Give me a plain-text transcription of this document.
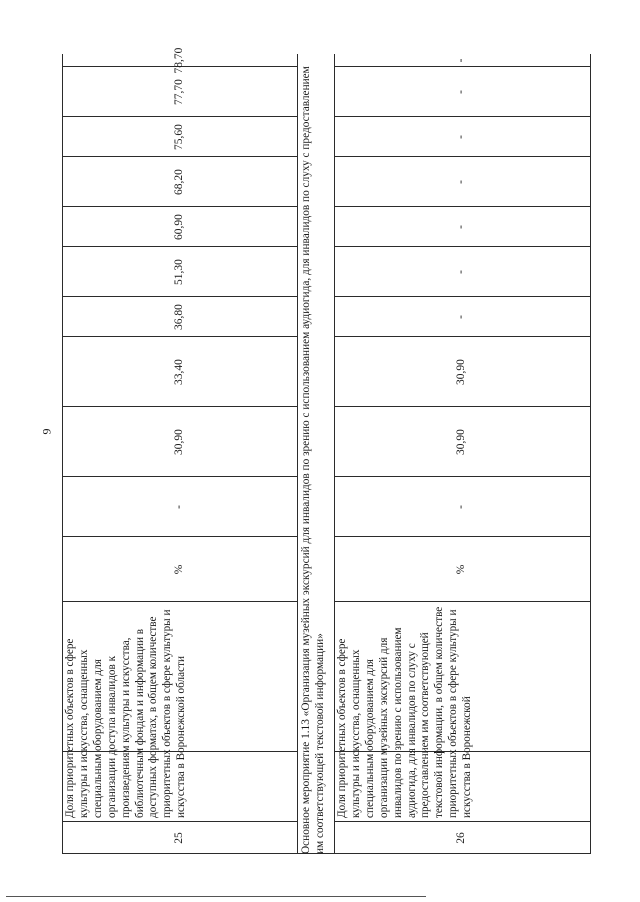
9
25
Доля приоритетных объектов в сфере культуры и искусства, оснащенных специальным оборудованием для организации доступа инвалидов к произведениям культуры и искусства, библиотечным фондам и информации в доступных форматах, в общем количестве приоритетных объектов в сфере культуры и искусства в Воронежской области
%
-
30,90
33,40
36,80
51,30
60,90
68,20
75,60
77,70
78,70
26
Доля приоритетных объектов в сфере культуры и искусства, оснащенных специальным оборудованием для организации музейных экскурсий для инвалидов по зрению с использованием аудиогида, для инвалидов по слуху с предоставлением им соответствующей текстовой информации, в общем количестве приоритетных объектов в сфере культуры и искусства в Воронежской
%
-
30,90
30,90
-
-
-
-
-
-
-
Основное мероприятие 1.13 «Организация музейных экскурсий для инвалидов по зрению с использованием аудиогида, для инвалидов по слуху с предоставлением им соответствующей текстовой информации»
